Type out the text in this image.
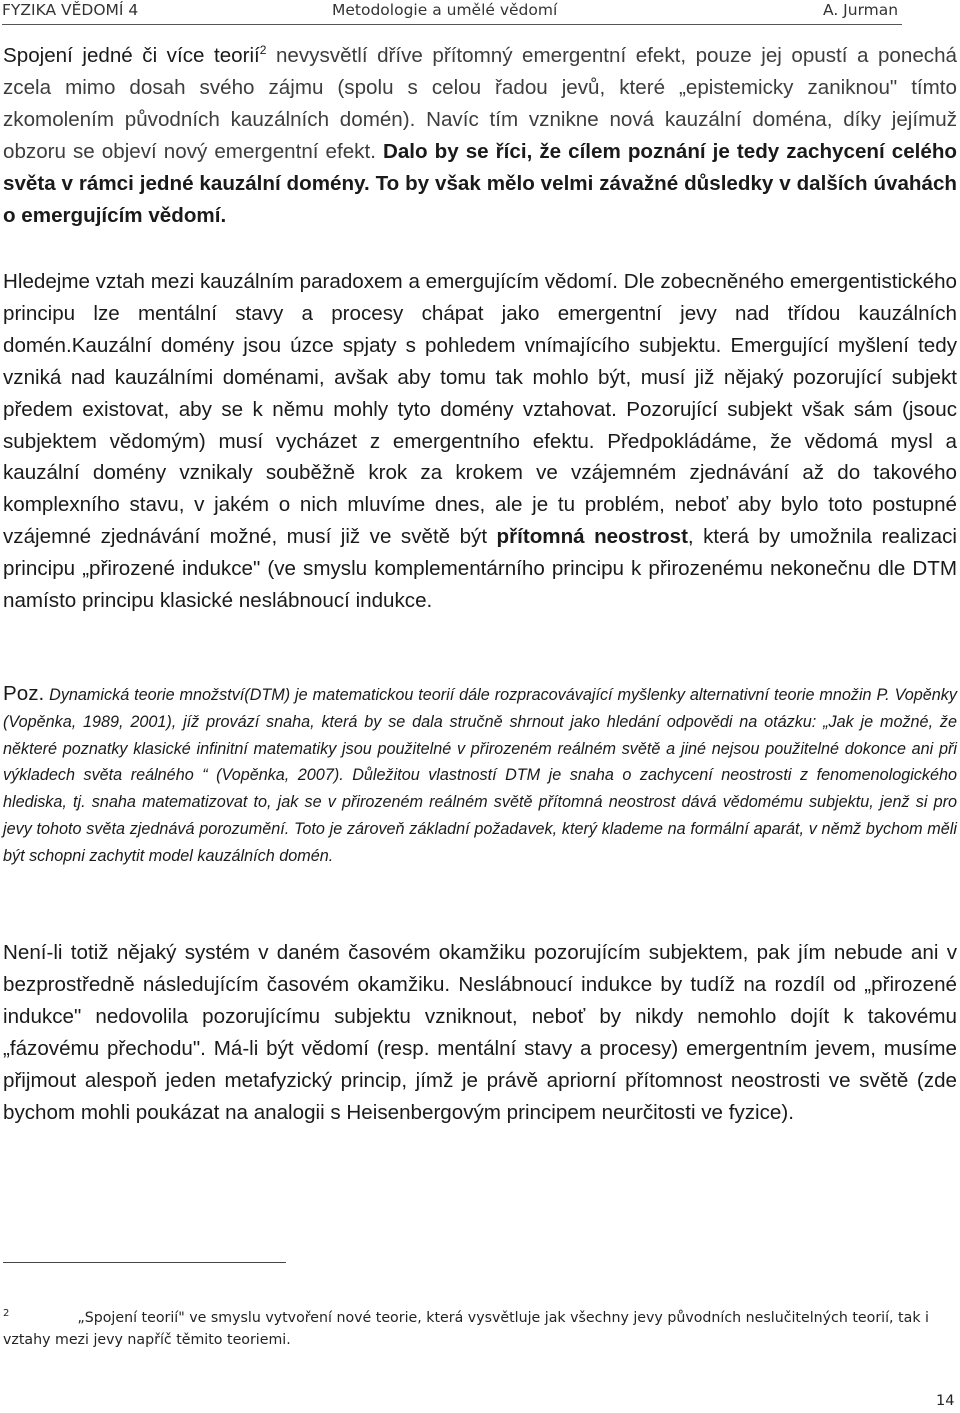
FYZIKA VĚDOMÍ 4	Metodologie a umělé vědomí	A. Jurman

Spojení jedné či více teorií$^2$ nevysvětlí dříve přítomný emergentní efekt, pouze jej opustí a ponechá zcela mimo dosah svého zájmu (spolu s celou řadou jevů, které „epistemicky zaniknou" tímto zkomolením původních kauzálních domén). Navíc tím vznikne nová kauzální doména, díky jejímuž obzoru se objeví nový emergentní efekt. Dalo by se říci, že cílem poznání je tedy zachycení celého světa v rámci jedné kauzální domény. To by však mělo velmi závažné důsledky v dalších úvahách o emergujícím vědomí.

Hledejme vztah mezi kauzálním paradoxem a emergujícím vědomí. Dle zobecněného emergentistického principu lze mentální stavy a procesy chápat jako emergentní jevy nad třídou kauzálních domén.Kauzální domény jsou úzce spjaty s pohledem vnímajícího subjektu. Emergující myšlení tedy vzniká nad kauzálními doménami, avšak aby tomu tak mohlo být, musí již nějaký pozorující subjekt předem existovat, aby se k němu mohly tyto domény vztahovat. Pozorující subjekt však sám (jsouc subjektem vědomým) musí vycházet z emergentního efektu. Předpokládáme, že vědomá mysl a kauzální domény vznikaly souběžně krok za krokem ve vzájemném zjednávání až do takového komplexního stavu, v jakém o nich mluvíme dnes, ale je tu problém, neboť aby bylo toto postupné vzájemné zjednávání možné, musí již ve světě být přítomná neostrost, která by umožnila realizaci principu „přirozené indukce" (ve smyslu komplementárního principu k přirozenému nekonečnu dle DTM namísto principu klasické neslábnoucí indukce.

Poz. Dynamická teorie množství(DTM) je matematickou teorií dále rozpracovávající myšlenky alternativní teorie množin P. Vopěnky (Vopěnka, 1989, 2001), jíž provází snaha, která by se dala stručně shrnout jako hledání odpovědi na otázku: „Jak je možné, že některé poznatky klasické infinitní matematiky jsou použitelné v přirozeném reálném světě a jiné nejsou použitelné dokonce ani při výkladech světa reálného “ (Vopěnka, 2007). Důležitou vlastností DTM je snaha o zachycení neostrosti z fenomenologického hlediska, tj. snaha matematizovat to, jak se v přirozeném reálném světě přítomná neostrost dává vědomému subjektu, jenž si pro jevy tohoto světa zjednává porozumění. Toto je zároveň základní požadavek, který klademe na formální aparát, v němž bychom měli být schopni zachytit model kauzálních domén.

Není-li totiž nějaký systém v daném časovém okamžiku pozorujícím subjektem, pak jím nebude ani v bezprostředně následujícím časovém okamžiku. Neslábnoucí indukce by tudíž na rozdíl od „přirozené indukce" nedovolila pozorujícímu subjektu vzniknout, neboť by nikdy nemohlo dojít k takovému „fázovému přechodu". Má-li být vědomí (resp. mentální stavy a procesy) emergentním jevem, musíme přijmout alespoň jeden metafyzický princip, jímž je právě apriorní přítomnost neostrosti ve světě (zde bychom mohli poukázat na analogii s Heisenbergovým principem neurčitosti ve fyzice).

$^2$	„Spojení teorií" ve smyslu vytvoření nové teorie, která vysvětluje jak všechny jevy původních neslučitelných teorií, tak i vztahy mezi jevy napříč těmito teoriemi.

14
